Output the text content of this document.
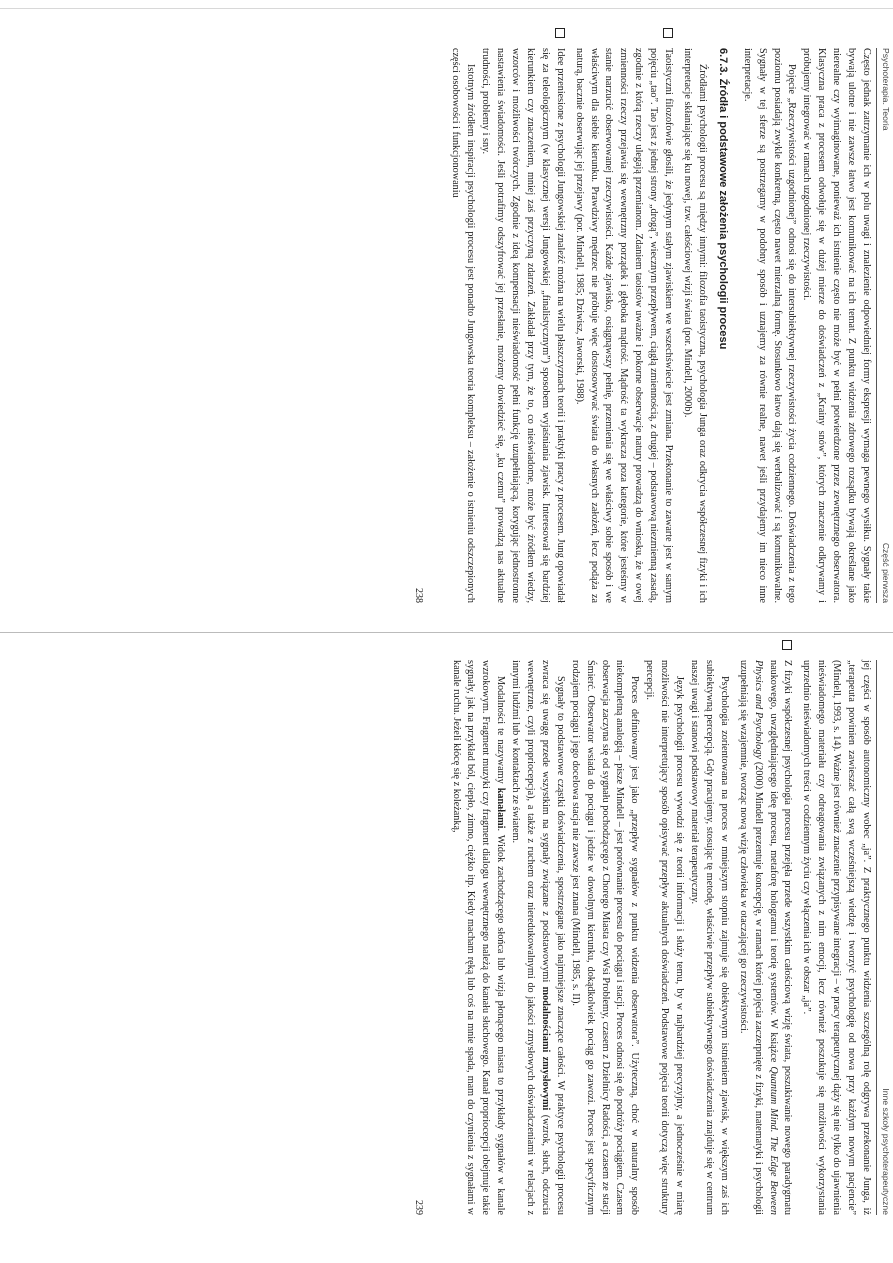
Psychoterapia. Teoria
Część pierwsza

Często jednak zatrzymanie ich w polu uwagi i znalezienie odpowiedniej formy ekspresji wymaga pewnego wysiłku. Sygnały takie bywają ulotne i nie zawsze łatwo jest komunikować na ich temat. Z punktu widzenia zdrowego rozsądku bywają określane jako nierealne czy wyimaginowane, ponieważ ich istnienie często nie może być w pełni potwierdzone przez zewnętrznego obserwatora. Klasyczna praca z procesem odwołuje się w dużej mierze do doświadczeń z „Krainy snów”, których znaczenie odkrywamy i próbujemy integrować w ramach uzgodnionej rzeczywistości.

Pojęcie „Rzeczywistości uzgodnionej” odnosi się do intersubiektywnej rzeczywistości życia codziennego. Doświadczenia z tego poziomu posiadają zwykle konkretną, często nawet mierzalną formę. Stosunkowo łatwo dają się werbalizować i są komunikowalne. Sygnały w tej sferze są postrzegamy w podobny sposób i uznajemy za równie realne, nawet jeśli przydajemy im nieco inne interpretacje.

6.7.3. Źródła i podstawowe założenia psychologii procesu

Źródłami psychologii procesu są między innymi: filozofia taoistyczna, psychologia Junga oraz odkrycia współczesnej fizyki i ich interpretacje skłaniające się ku nowej, tzw. całościowej wizji świata (por. Mindell, 2000b).

Taoistyczni filozofowie głosili, że jedynym stałym zjawiskiem we wszechświecie jest zmiana. Przekonanie to zawarte jest w samym pojęciu „tao”. Tao jest z jednej strony „drogą”, wiecznym przepływem, ciągłą zmiennością, z drugiej – podstawową niezmienną zasadą, zgodnie z którą rzeczy ulegają przemianom. Zdaniem taoistów uważne i pokorne obserwacje natury prowadzą do wniosku, że w owej zmienności rzeczy przejawia się wewnętrzny porządek i głęboka mądrość. Mądrość ta wykracza poza kategorie, które jesteśmy w stanie narzucić obserwowanej rzeczywistości. Każde zjawisko, osiągnąwszy pełnię, przemienia się we właściwy sobie sposób i we właściwym dla siebie kierunku. Prawdziwy mędrzec nie próbuje więc dostosowywać świata do własnych założeń, lecz podąża za naturą, bacznie obserwując jej przejawy (por. Mindell, 1985; Dziwisz, Jaworski, 1988).

Idee przeniesione z psychologii Jungowskiej znaleźć można na wielu płaszczyznach teorii i praktyki pracy z procesem. Jung opowiadał się za teleologicznym (w klasycznej wersji Jungowskiej „finalistycznym”) sposobem wyjaśniania zjawisk. Interesował się bardziej kierunkiem czy znaczeniem, mniej zaś przyczyną zdarzeń. Zakładał przy tym, że to, co nieświadome, może być źródłem wiedzy, wzorców i możliwości twórczych. Zgodnie z ideą kompensacji nieświadomość pełni funkcję uzupełniającą, korygując jednostronne nastawienia świadomości. Jeśli potrafimy odszyfrować jej przesłanie, możemy dowiedzieć się, „ku czemu” prowadzą nas aktualne trudności, problemy i sny.

Istotnym źródłem inspiracji psychologii procesu jest ponadto Jungowska teoria kompleksu – założenie o istnieniu odszczepionych części osobowości i funkcjonowaniu

238
Inne szkoły psychoterapeutyczne

jej części w sposób autonomiczny wobec „ja”. Z praktycznego punktu widzenia szczególną rolę odgrywa przekonanie Junga, iż „terapeuta powinien zawieszać całą swą wcześniejszą wiedzę i tworzyć psychologię od nowa przy każdym nowym pacjencie” (Mindell, 1993, s. 14). Ważne jest również znaczenie przypisywane integracji – w pracy terapeutycznej dąży się nie tylko do ujawnienia nieświadomego materiału czy odreagowania związanych z nim emocji, lecz również poszukuje się możliwości wykorzystania uprzednio nieświadomych treści w codziennym życiu czy włączenia ich w obszar „ja”.

Z fizyki współczesnej psychologia procesu przejęła przede wszystkim całościową wizję świata, poszukiwanie nowego paradygmatu naukowego, uwzględniającego ideę procesu, metaforę hologramu i teorię systemów. W książce Quantum Mind. The Edge Between Physics and Psychology (2000) Mindell prezentuje koncepcję, w ramach której pojęcia zaczerpnięte z fizyki, matematyki i psychologii uzupełniają się wzajemnie, tworząc nową wizję człowieka w otaczającej go rzeczywistości.

Psychologia zorientowana na proces w mniejszym stopniu zajmuje się obiektywnym istnieniem zjawisk, w większym zaś ich subiektywną percepcją. Gdy pracujemy, stosując tę metodę, właściwie przepływ subiektywnego doświadczenia znajduje się w centrum naszej uwagi i stanowi podstawowy materiał terapeutyczny.

Język psychologii procesu wywodzi się z teorii informacji i służy temu, by w najbardziej precyzyjny, a jednocześnie w miarę możliwości nie interpretujący sposób opisywać przepływ aktualnych doświadczeń. Podstawowe pojęcia teorii dotyczą więc struktury percepcji.

Proces definiowany jest jako „przepływ sygnałów z punktu widzenia obserwatora”. Użyteczną, choć w naturalny sposób niekompletną analogią – pisze Mindell – jest porównanie procesu do pociągu i stacji. Proces odnosi się do podróży pociągiem. Czasem obserwacja zaczyna się od sygnału pochodzącego z Chorego Miasta czy Wsi Problemy, czasem z Dzielnicy Radości, a czasem ze stacji Śmierć. Obserwator wsiada do pociągu i jedzie w dowolnym kierunku, dokądkolwiek pociąg go zawozi. Proces jest specyficznym rodzajem pociągu i jego docelowa stacja nie zawsze jest znana (Mindell, 1985, s. II).

Sygnały to podstawowe cząstki doświadczenia, spostrzegane jako najmniejsze znaczące całości. W praktyce psychologii procesu zwraca się uwagę przede wszystkim na sygnały związane z podstawowymi modalnościami zmysłowymi (wzrok, słuch, odczucia wewnętrzne, czyli propriocepcja), a także z ruchem oraz nieredukowalnymi do jakości zmysłowych doświadczeniami w relacjach z innymi ludźmi lub w kontaktach ze światem.

Modalności te nazywamy kanałami. Widok zachodzącego słońca lub wizja płonącego miasta to przykłady sygnałów w kanale wzrokowym. Fragment muzyki czy fragment dialogu wewnętrznego należą do kanału słuchowego. Kanał propriocepcji obejmuje takie sygnały, jak na przykład ból, ciepło, zimno, ciężko itp. Kiedy macham ręką lub coś na mnie spada, mam do czynienia z sygnałami w kanale ruchu. Jeżeli kłócę się z koleżanką,

239
